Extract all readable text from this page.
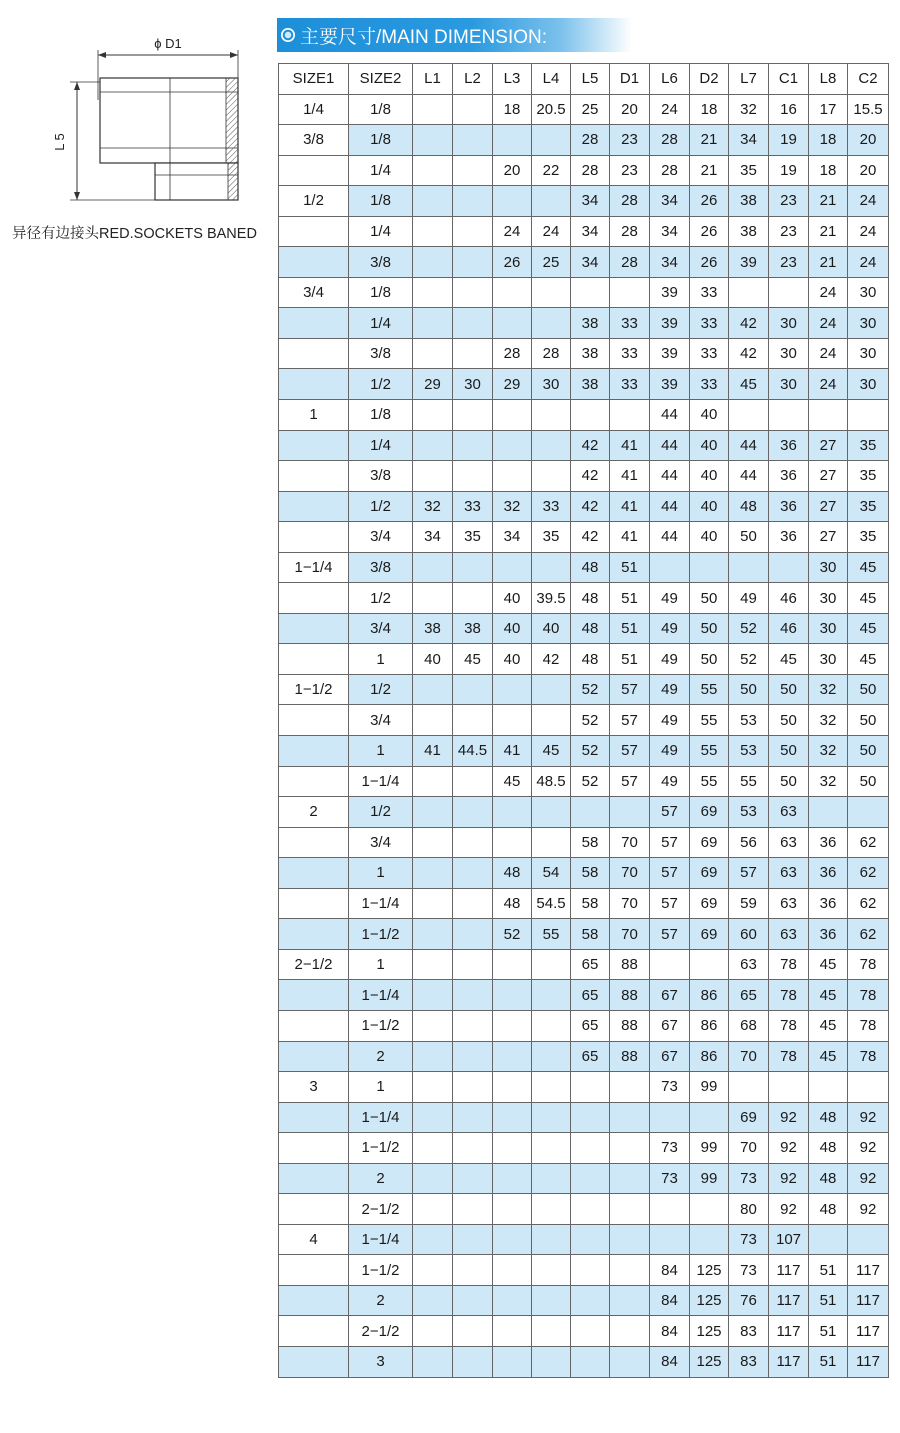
主要尺寸/MAIN DIMENSION:
ϕ D1
L 5
异径有边接头RED.SOCKETS BANED
SIZE1	SIZE2	L1	L2	L3	L4	L5	D1	L6	D2	L7	C1	L8	C2
1/4	1/8			18	20.5	25	20	24	18	32	16	17	15.5
3/8	1/8					28	23	28	21	34	19	18	20
	1/4			20	22	28	23	28	21	35	19	18	20
1/2	1/8					34	28	34	26	38	23	21	24
	1/4			24	24	34	28	34	26	38	23	21	24
	3/8			26	25	34	28	34	26	39	23	21	24
3/4	1/8							39	33			24	30
	1/4					38	33	39	33	42	30	24	30
	3/8			28	28	38	33	39	33	42	30	24	30
	1/2	29	30	29	30	38	33	39	33	45	30	24	30
1	1/8							44	40				
	1/4					42	41	44	40	44	36	27	35
	3/8					42	41	44	40	44	36	27	35
	1/2	32	33	32	33	42	41	44	40	48	36	27	35
	3/4	34	35	34	35	42	41	44	40	50	36	27	35
1−1/4	3/8					48	51					30	45
	1/2			40	39.5	48	51	49	50	49	46	30	45
	3/4	38	38	40	40	48	51	49	50	52	46	30	45
	1	40	45	40	42	48	51	49	50	52	45	30	45
1−1/2	1/2					52	57	49	55	50	50	32	50
	3/4					52	57	49	55	53	50	32	50
	1	41	44.5	41	45	52	57	49	55	53	50	32	50
	1−1/4			45	48.5	52	57	49	55	55	50	32	50
2	1/2							57	69	53	63		
	3/4					58	70	57	69	56	63	36	62
	1			48	54	58	70	57	69	57	63	36	62
	1−1/4			48	54.5	58	70	57	69	59	63	36	62
	1−1/2			52	55	58	70	57	69	60	63	36	62
2−1/2	1					65	88			63	78	45	78
	1−1/4					65	88	67	86	65	78	45	78
	1−1/2					65	88	67	86	68	78	45	78
	2					65	88	67	86	70	78	45	78
3	1							73	99				
	1−1/4									69	92	48	92
	1−1/2							73	99	70	92	48	92
	2							73	99	73	92	48	92
	2−1/2									80	92	48	92
4	1−1/4									73	107		
	1−1/2							84	125	73	117	51	117
	2							84	125	76	117	51	117
	2−1/2							84	125	83	117	51	117
	3							84	125	83	117	51	117
